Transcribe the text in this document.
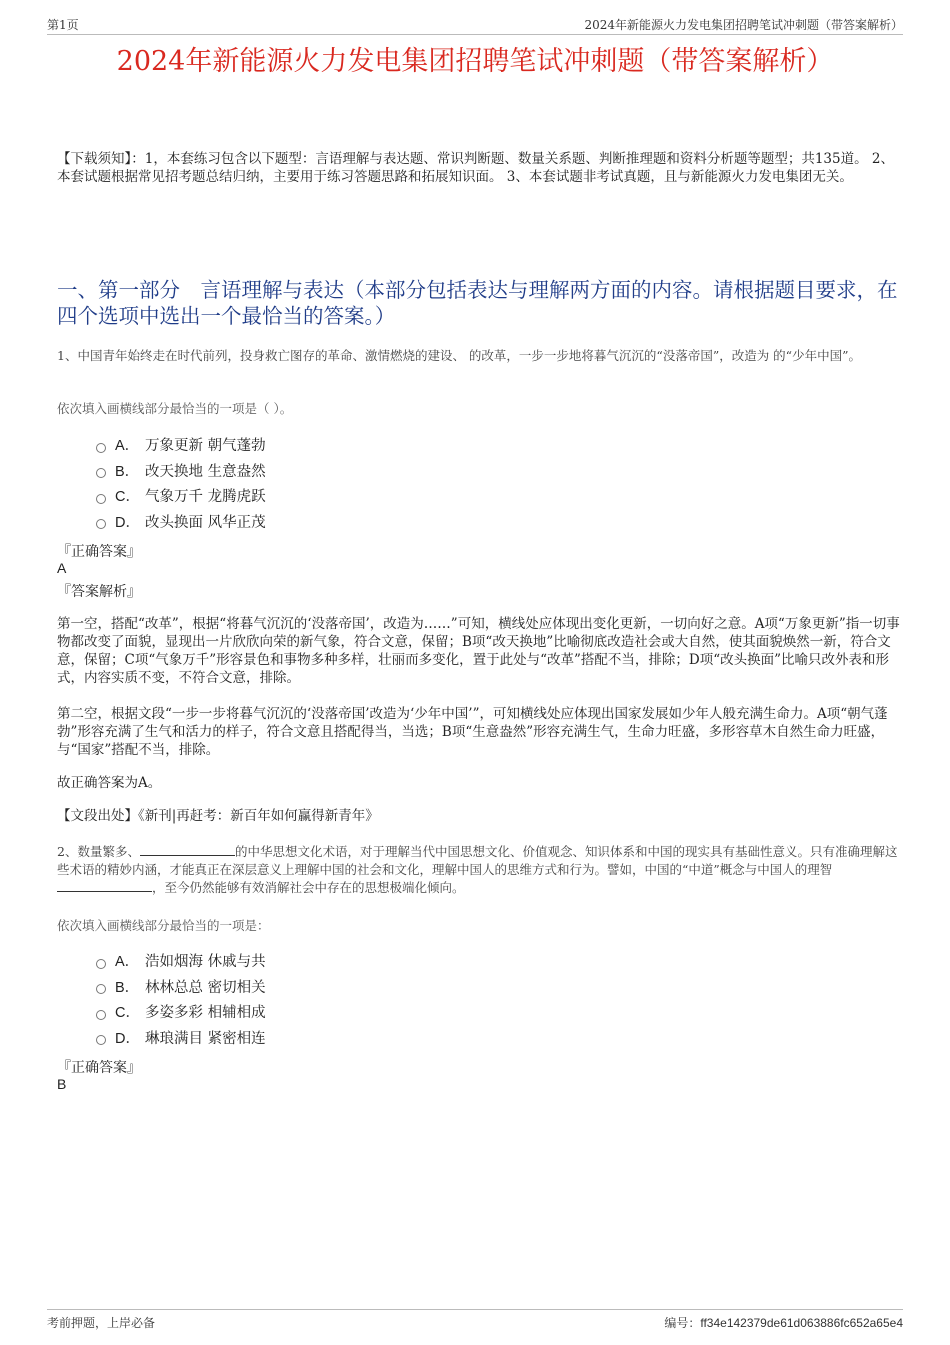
第1页	2024年新能源火力发电集团招聘笔试冲刺题（带答案解析）
2024年新能源火力发电集团招聘笔试冲刺题（带答案解析）
【下载须知】：1，本套练习包含以下题型：言语理解与表达题、常识判断题、数量关系题、判断推理题和资料分析题等题型；共135道。 2、本套试题根据常见招考题总结归纳，主要用于练习答题思路和拓展知识面。 3、本套试题非考试真题，且与新能源火力发电集团无关。
一、第一部分　言语理解与表达（本部分包括表达与理解两方面的内容。请根据题目要求，在四个选项中选出一个最恰当的答案。）
1、中国青年始终走在时代前列，投身救亡图存的革命、激情燃烧的建设、 的改革，一步一步地将暮气沉沉的“没落帝国”，改造为 的“少年中国”。
依次填入画横线部分最恰当的一项是（ ）。
A． 万象更新 朝气蓬勃
B． 改天换地 生意盎然
C． 气象万千 龙腾虎跃
D． 改头换面 风华正茂
『正确答案』
A
『答案解析』
第一空，搭配“改革”，根据“将暮气沉沉的‘没落帝国’，改造为……”可知，横线处应体现出变化更新，一切向好之意。A项“万象更新”指一切事物都改变了面貌，显现出一片欣欣向荣的新气象，符合文意，保留；B项“改天换地”比喻彻底改造社会或大自然，使其面貌焕然一新，符合文意，保留；C项“气象万千”形容景色和事物多种多样，壮丽而多变化，置于此处与“改革”搭配不当，排除；D项“改头换面”比喻只改外表和形式，内容实质不变，不符合文意，排除。
第二空，根据文段“一步一步将暮气沉沉的‘没落帝国’改造为‘少年中国’”，可知横线处应体现出国家发展如少年人般充满生命力。A项“朝气蓬勃”形容充满了生气和活力的样子，符合文意且搭配得当，当选；B项“生意盎然”形容充满生气，生命力旺盛，多形容草木自然生命力旺盛，与“国家”搭配不当，排除。
故正确答案为A。
【文段出处】《新刊|再赶考：新百年如何赢得新青年》
2、数量繁多、	的中华思想文化术语，对于理解当代中国思想文化、价值观念、知识体系和中国的现实具有基础性意义。只有准确理解这些术语的精妙内涵，才能真正在深层意义上理解中国的社会和文化，理解中国人的思维方式和行为。譬如，中国的“中道”概念与中国人的理智，至今仍然能够有效消解社会中存在的思想极端化倾向。
依次填入画横线部分最恰当的一项是：
A． 浩如烟海 休戚与共
B． 林林总总 密切相关
C． 多姿多彩 相辅相成
D． 琳琅满目 紧密相连
『正确答案』
B
考前押题，上岸必备	编号：ff34e142379de61d063886fc652a65e4
